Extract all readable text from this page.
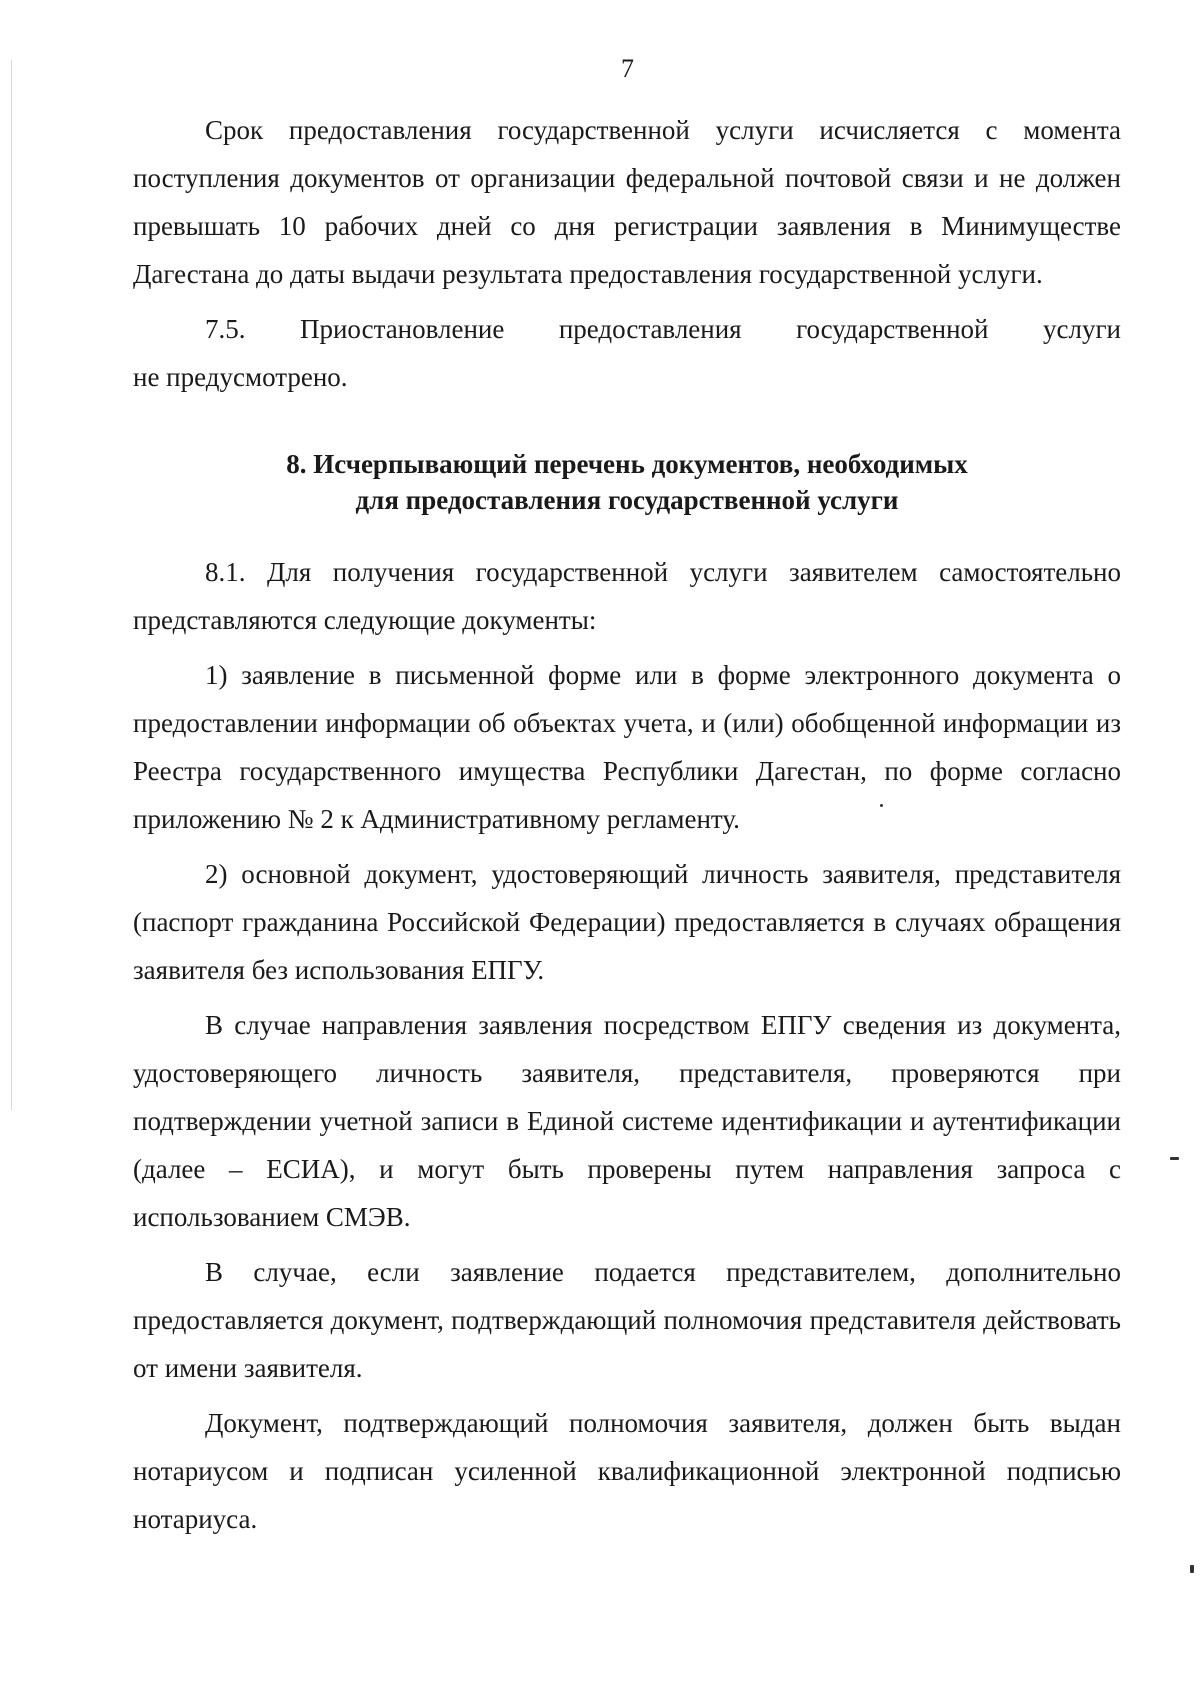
7

Срок предоставления государственной услуги исчисляется с момента поступления документов от организации федеральной почтовой связи и не должен превышать 10 рабочих дней со дня регистрации заявления в Минимуществе Дагестана до даты выдачи результата предоставления государственной услуги.

7.5. Приостановление предоставления государственной услуги

не предусмотрено.

8. Исчерпывающий перечень документов, необходимых
для предоставления государственной услуги

8.1. Для получения государственной услуги заявителем самостоятельно представляются следующие документы:

1) заявление в письменной форме или в форме электронного документа о предоставлении информации об объектах учета, и (или) обобщенной информации из Реестра государственного имущества Республики Дагестан, по форме согласно приложению № 2 к Административному регламенту.

2) основной документ, удостоверяющий личность заявителя, представителя (паспорт гражданина Российской Федерации) предоставляется в случаях обращения заявителя без использования ЕПГУ.

В случае направления заявления посредством ЕПГУ сведения из документа, удостоверяющего личность заявителя, представителя, проверяются при подтверждении учетной записи в Единой системе идентификации и аутентификации (далее – ЕСИА), и могут быть проверены путем направления запроса с использованием СМЭВ.

В случае, если заявление подается представителем, дополнительно предоставляется документ, подтверждающий полномочия представителя действовать от имени заявителя.

Документ, подтверждающий полномочия заявителя, должен быть выдан нотариусом и подписан усиленной квалификационной электронной подписью нотариуса.
